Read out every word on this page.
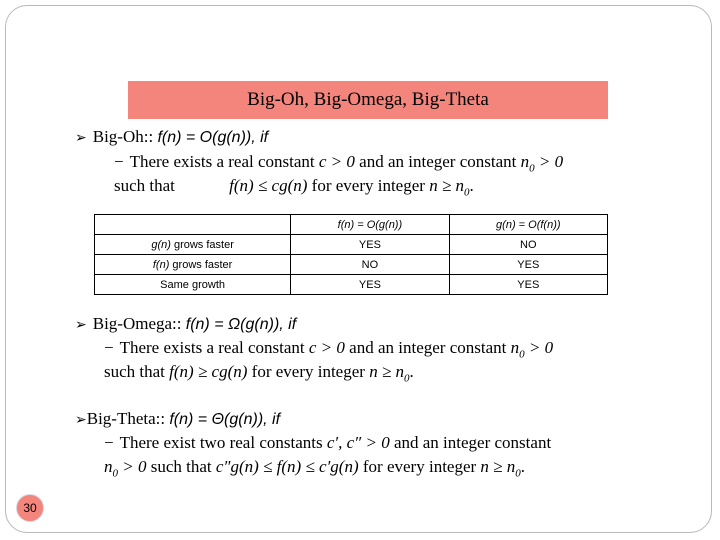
Big-Oh, Big-Omega, Big-Theta
➢ Big-Oh:: f(n) = O(g(n)), if
− There exists a real constant c > 0 and an integer constant $n_0 > 0$
such that	f(n) ≤ cg(n) for every integer $n \ge n_0$.
	f(n) = O(g(n))	g(n) = O(f(n))
g(n) grows faster	YES	NO
f(n) grows faster	NO	YES
Same growth	YES	YES
➢ Big-Omega:: f(n) = Ω(g(n)), if
− There exists a real constant c > 0 and an integer constant $n_0 > 0$
such that f(n) ≥ cg(n) for every integer $n \ge n_0$.
➢Big-Theta:: f(n) = Θ(g(n)), if
− There exist two real constants c′, c″ > 0 and an integer constant
$n_0 > 0$ such that c″g(n) ≤ f(n) ≤ c′g(n) for every integer $n \ge n_0$.
30
